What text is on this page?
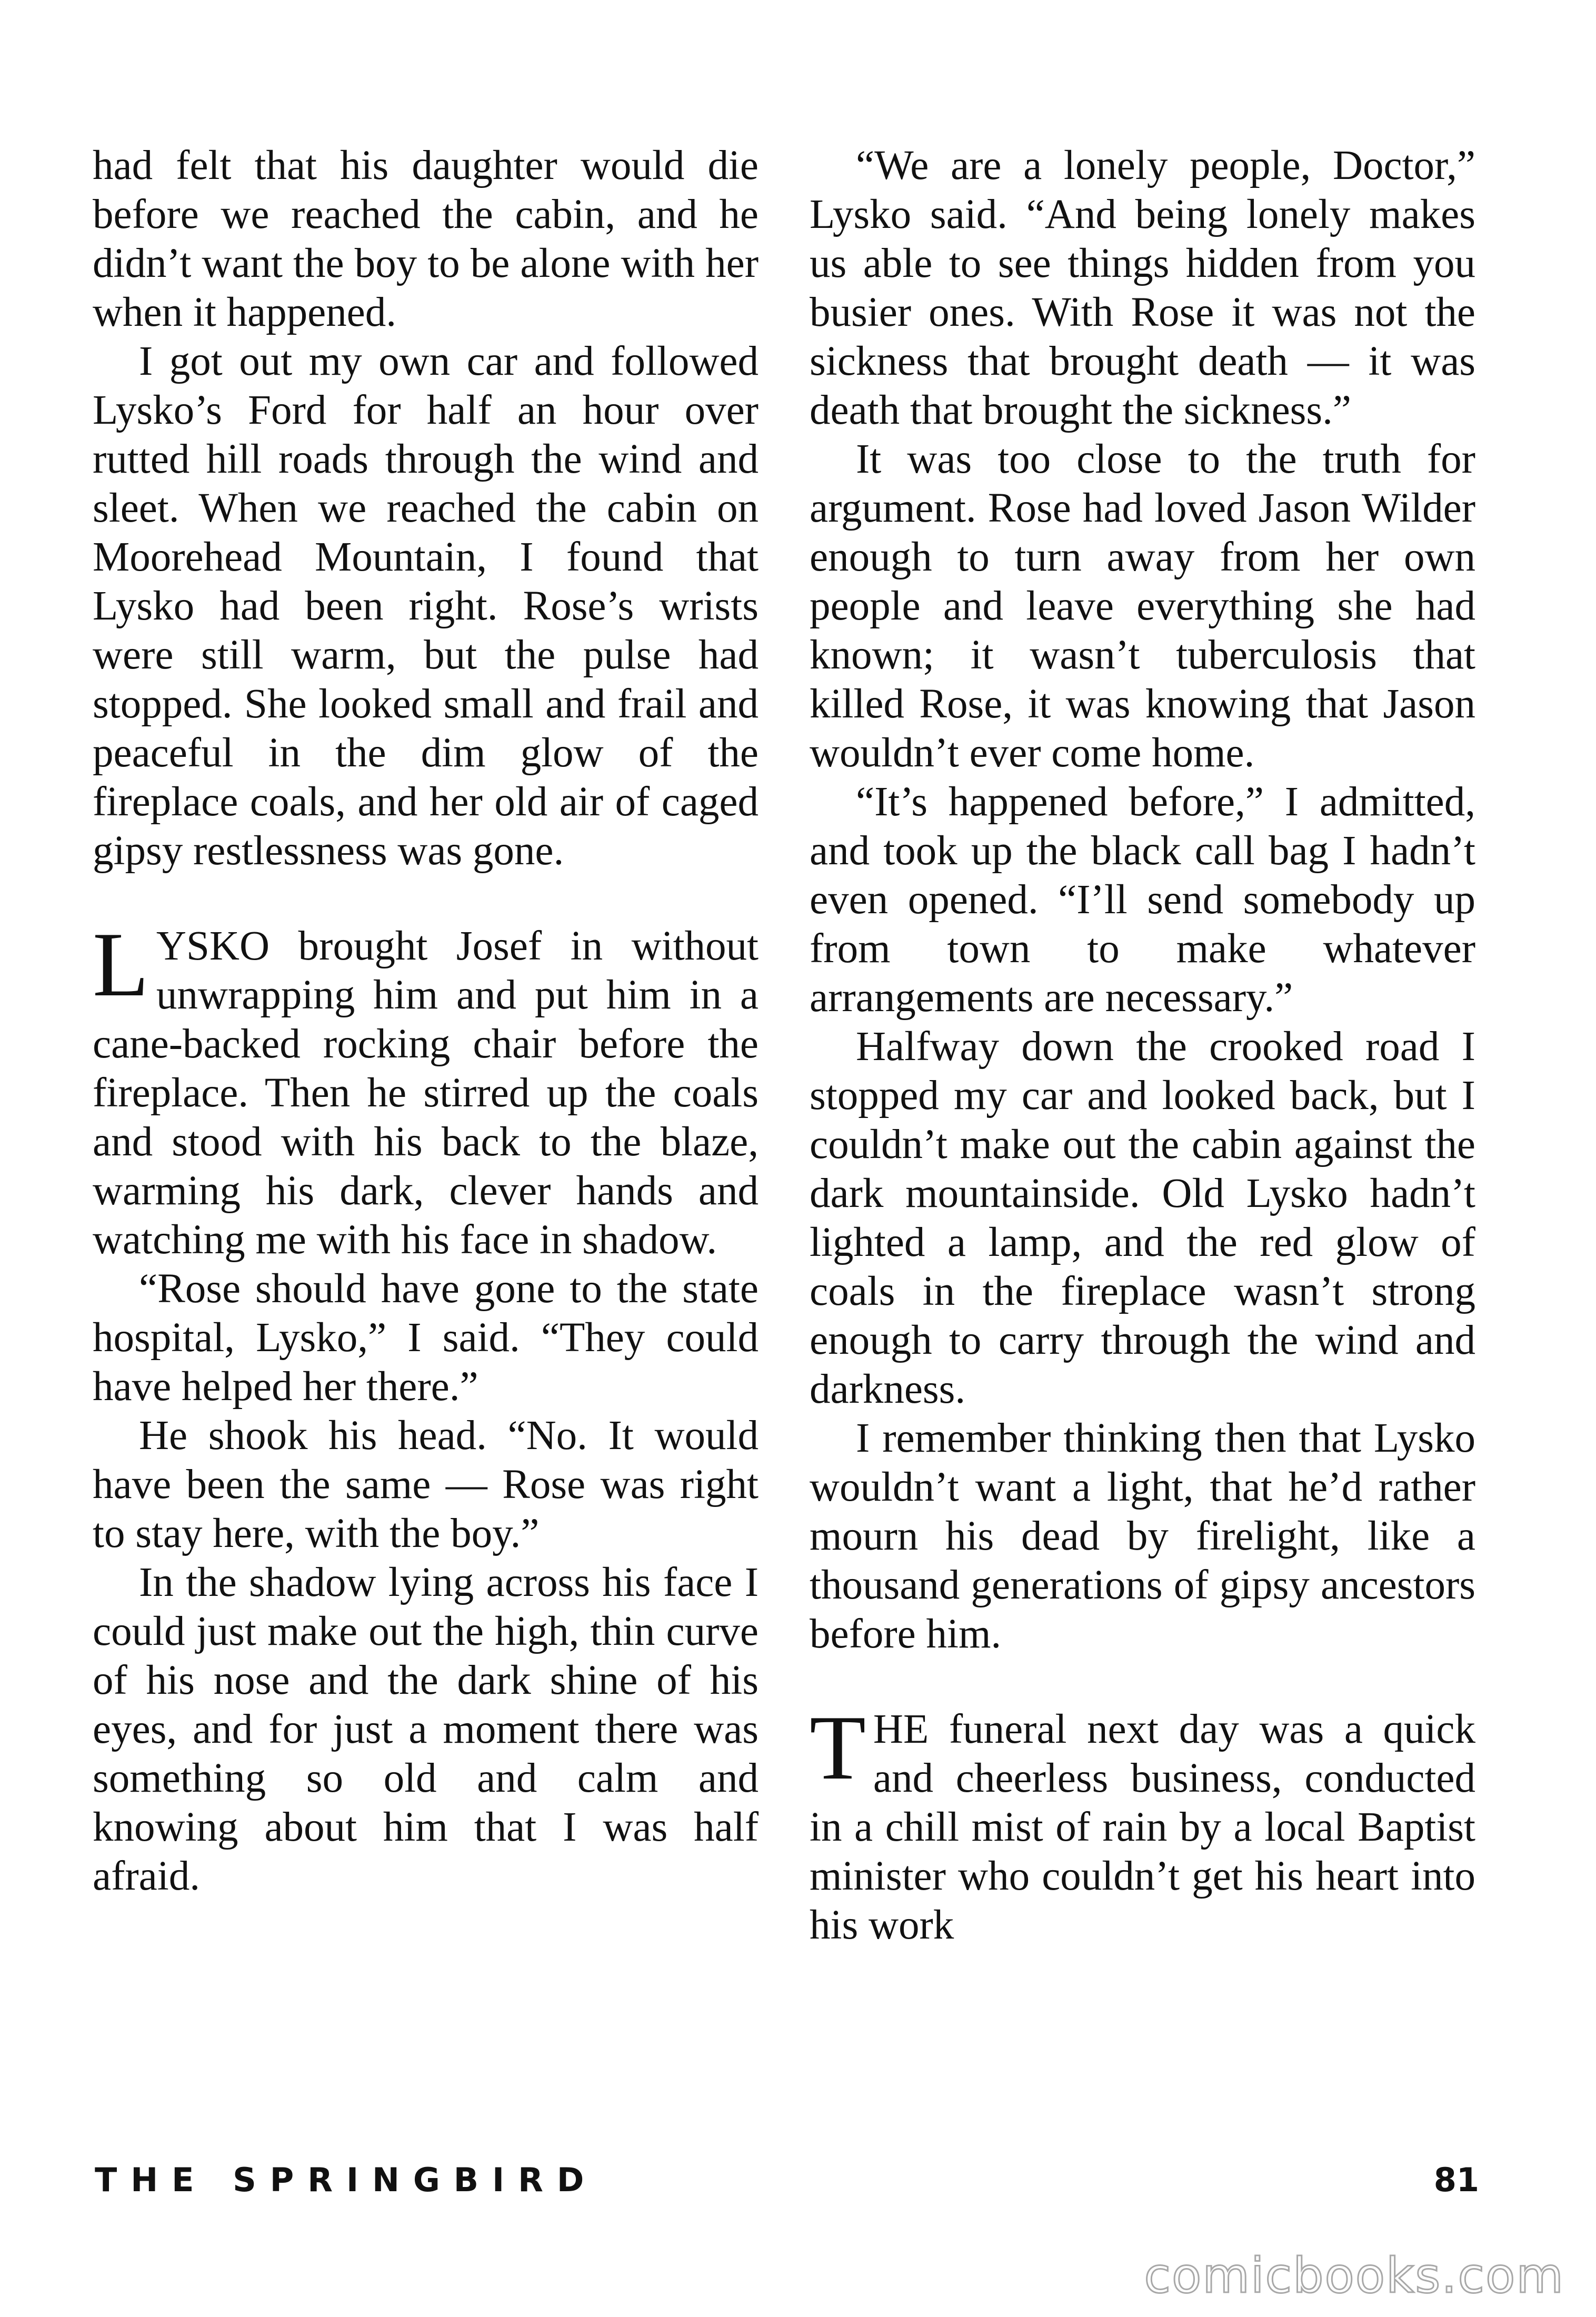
had felt that his daughter would die before we reached the cabin, and he didn’t want the boy to be alone with her when it happened.

I got out my own car and followed Lysko’s Ford for half an hour over rutted hill roads through the wind and sleet. When we reached the cabin on Moorehead Mountain, I found that Lysko had been right. Rose’s wrists were still warm, but the pulse had stopped. She looked small and frail and peaceful in the dim glow of the fireplace coals, and her old air of caged gipsy restlessness was gone.

LYSKO brought Josef in without unwrapping him and put him in a cane-backed rocking chair before the fireplace. Then he stirred up the coals and stood with his back to the blaze, warming his dark, clever hands and watching me with his face in shadow.

“Rose should have gone to the state hospital, Lysko,” I said. “They could have helped her there.”

He shook his head. “No. It would have been the same — Rose was right to stay here, with the boy.”

In the shadow lying across his face I could just make out the high, thin curve of his nose and the dark shine of his eyes, and for just a moment there was something so old and calm and knowing about him that I was half afraid.

“We are a lonely people, Doctor,” Lysko said. “And being lonely makes us able to see things hidden from you busier ones. With Rose it was not the sickness that brought death — it was death that brought the sickness.”

It was too close to the truth for argument. Rose had loved Jason Wilder enough to turn away from her own people and leave everything she had known; it wasn’t tuberculosis that killed Rose, it was knowing that Jason wouldn’t ever come home.

“It’s happened before,” I admitted, and took up the black call bag I hadn’t even opened. “I’ll send somebody up from town to make whatever arrangements are necessary.”

Halfway down the crooked road I stopped my car and looked back, but I couldn’t make out the cabin against the dark mountainside. Old Lysko hadn’t lighted a lamp, and the red glow of coals in the fireplace wasn’t strong enough to carry through the wind and darkness.

I remember thinking then that Lysko wouldn’t want a light, that he’d rather mourn his dead by firelight, like a thousand generations of gipsy ancestors before him.

THE funeral next day was a quick and cheerless business, conducted in a chill mist of rain by a local Baptist minister who couldn’t get his heart into his work

THE SPRINGBIRD	81
comicbooks.com
